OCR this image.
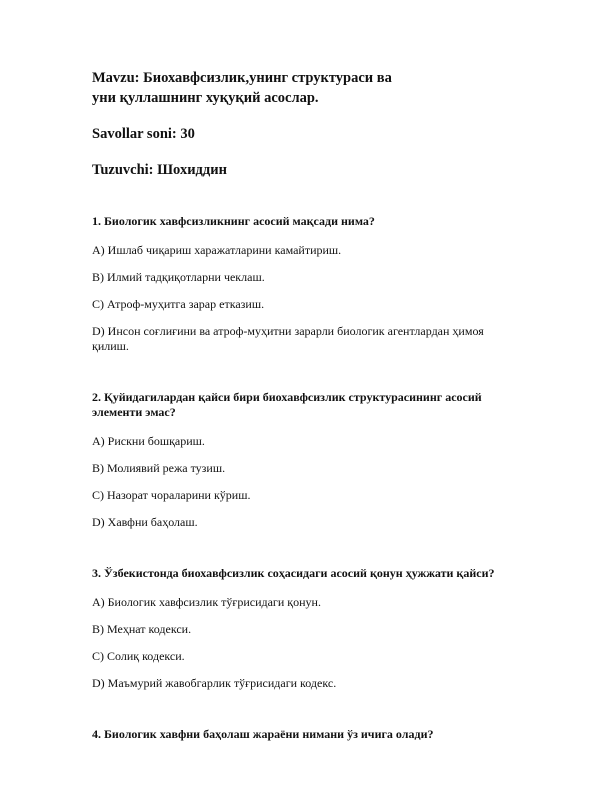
Mavzu: Биохавфсизлик,унинг структураси ва

уни қуллашнинг хуқуқий асослар.

Savollar soni: 30

Tuzuvchi: Шохиддин

1. Биологик хавфсизликнинг асосий мақсади нима?

A) Ишлаб чиқариш харажатларини камайтириш.

B) Илмий тадқиқотларни чеклаш.

C) Атроф-муҳитга зарар етказиш.

D) Инсон соғлиғини ва атроф-муҳитни зарарли биологик агентлардан ҳимоя қилиш.

2. Қуйидагилардан қайси бири биохавфсизлик структурасининг асосий элементи эмас?

A) Рискни бошқариш.

B) Молиявий режа тузиш.

C) Назорат чораларини кўриш.

D) Хавфни баҳолаш.

3. Ўзбекистонда биохавфсизлик соҳасидаги асосий қонун ҳужжати қайси?

A) Биологик хавфсизлик тўғрисидаги қонун.

B) Меҳнат кодекси.

C) Солиқ кодекси.

D) Маъмурий жавобгарлик тўғрисидаги кодекс.

4. Биологик хавфни баҳолаш жараёни нимани ўз ичига олади?
